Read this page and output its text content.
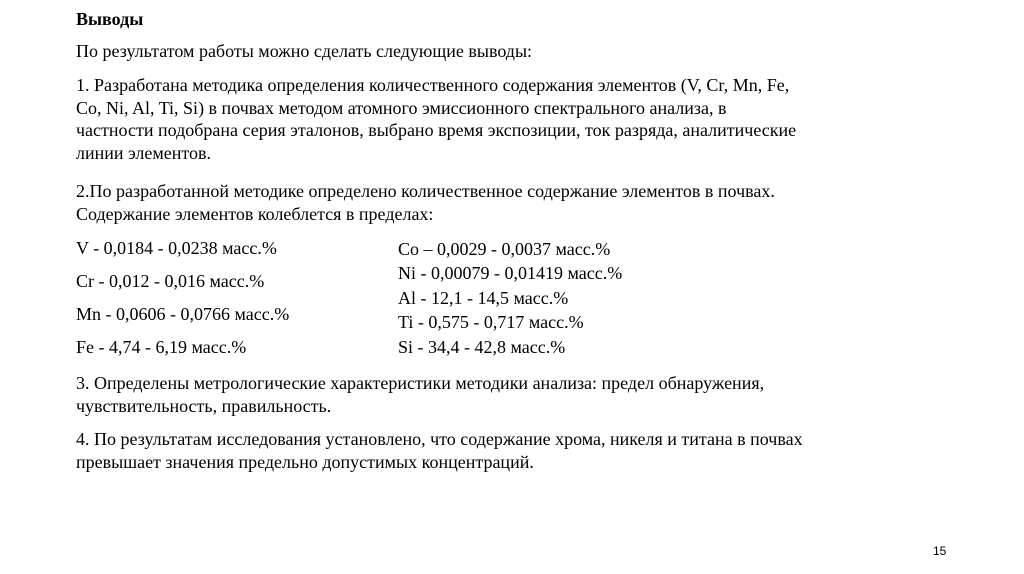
Выводы
По результатом работы можно сделать следующие выводы:
1. Разработана методика определения количественного содержания элементов (V, Cr, Mn, Fe,
Co, Ni, Al, Ti, Si) в почвах методом атомного эмиссионного спектрального анализа, в
частности подобрана серия эталонов, выбрано время экспозиции, ток разряда, аналитические
линии элементов.
2.По разработанной методике определено количественное содержание элементов в почвах.
Содержание элементов колеблется в пределах:
V - 0,0184 - 0,0238 масс.%
Cr - 0,012 - 0,016 масс.%
Mn - 0,0606 - 0,0766 масс.%
Fe - 4,74 - 6,19 масс.%
Co – 0,0029 - 0,0037 масс.%
Ni - 0,00079 - 0,01419 масс.%
Al - 12,1 - 14,5 масс.%
Ti - 0,575 - 0,717 масс.%
Si - 34,4 - 42,8 масс.%
3. Определены метрологические характеристики методики анализа: предел обнаружения,
чувствительность, правильность.
4. По результатам исследования установлено, что содержание хрома, никеля и титана в почвах
превышает значения предельно допустимых концентраций.
15
